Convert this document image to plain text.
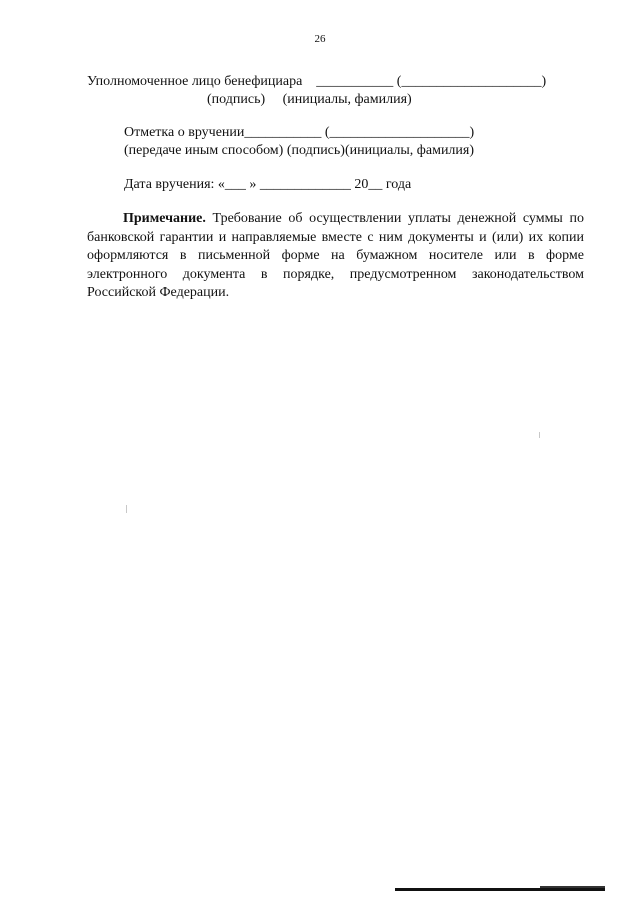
26
Уполномоченное лицо бенефициара    ___________ (____________________)
(подпись)     (инициалы, фамилия)
Отметка о вручении___________ (____________________)
(передаче иным способом) (подпись)(инициалы, фамилия)
Дата вручения: «___ » _____________ 20__ года
Примечание. Требование об осуществлении уплаты денежной суммы по банковской гарантии и направляемые вместе с ним документы и (или) их копии оформляются в письменной форме на бумажном носителе или в форме электронного документа в порядке, предусмотренном законодательством Российской Федерации.
